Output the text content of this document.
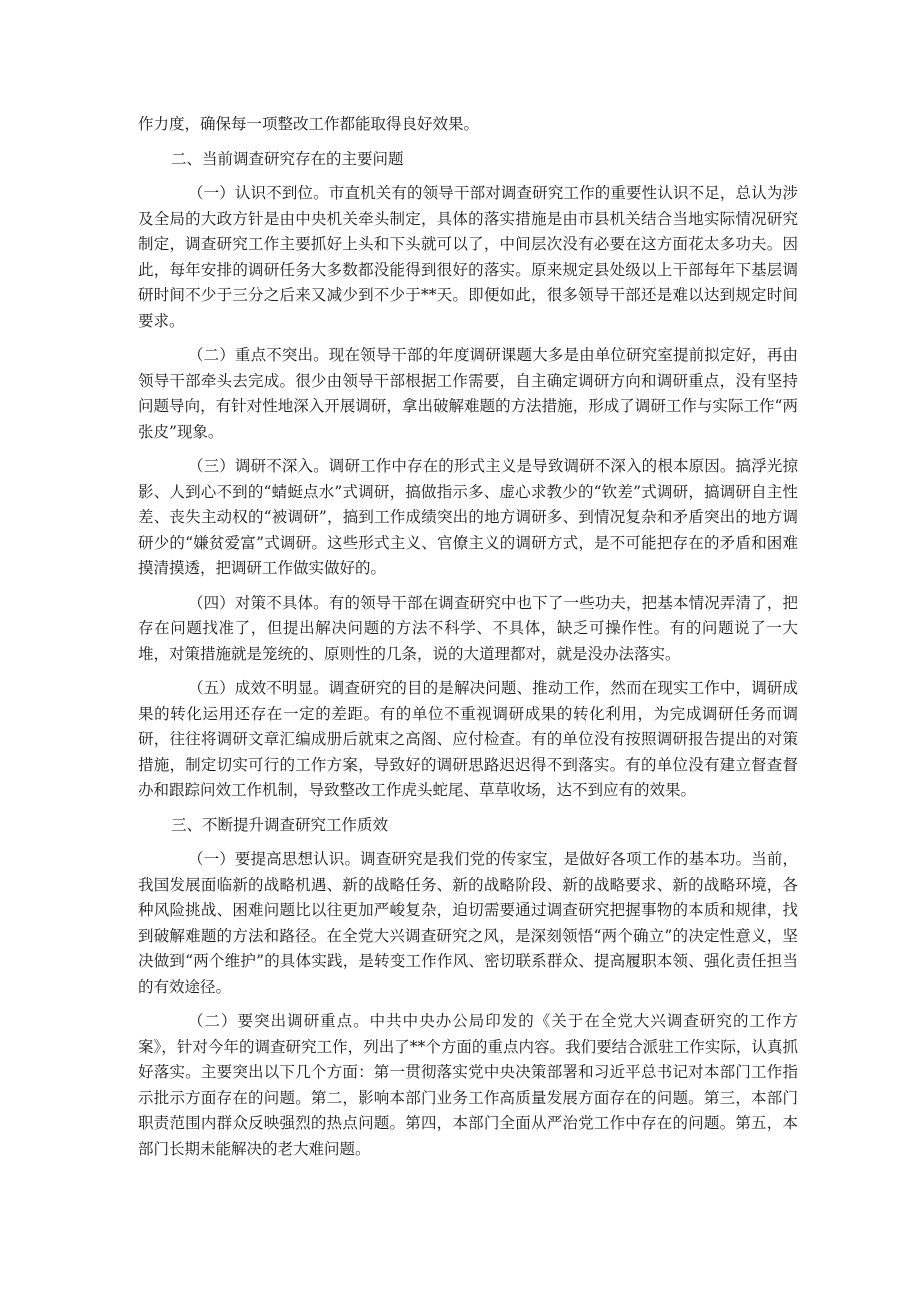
作力度，确保每一项整改工作都能取得良好效果。

二、当前调查研究存在的主要问题

（一）认识不到位。市直机关有的领导干部对调查研究工作的重要性认识不足，总认为涉及全局的大政方针是由中央机关牵头制定，具体的落实措施是由市县机关结合当地实际情况研究制定，调查研究工作主要抓好上头和下头就可以了，中间层次没有必要在这方面花太多功夫。因此，每年安排的调研任务大多数都没能得到很好的落实。原来规定县处级以上干部每年下基层调研时间不少于三分之后来又减少到不少于**天。即便如此，很多领导干部还是难以达到规定时间要求。

（二）重点不突出。现在领导干部的年度调研课题大多是由单位研究室提前拟定好，再由领导干部牵头去完成。很少由领导干部根据工作需要，自主确定调研方向和调研重点，没有坚持问题导向，有针对性地深入开展调研，拿出破解难题的方法措施，形成了调研工作与实际工作“两张皮”现象。

（三）调研不深入。调研工作中存在的形式主义是导致调研不深入的根本原因。搞浮光掠影、人到心不到的“蜻蜓点水”式调研，搞做指示多、虚心求教少的“钦差”式调研，搞调研自主性差、丧失主动权的“被调研”，搞到工作成绩突出的地方调研多、到情况复杂和矛盾突出的地方调研少的“嫌贫爱富”式调研。这些形式主义、官僚主义的调研方式，是不可能把存在的矛盾和困难摸清摸透，把调研工作做实做好的。

（四）对策不具体。有的领导干部在调查研究中也下了一些功夫，把基本情况弄清了，把存在问题找准了，但提出解决问题的方法不科学、不具体，缺乏可操作性。有的问题说了一大堆，对策措施就是笼统的、原则性的几条，说的大道理都对，就是没办法落实。

（五）成效不明显。调查研究的目的是解决问题、推动工作，然而在现实工作中，调研成果的转化运用还存在一定的差距。有的单位不重视调研成果的转化利用，为完成调研任务而调研，往往将调研文章汇编成册后就束之高阁、应付检查。有的单位没有按照调研报告提出的对策措施，制定切实可行的工作方案，导致好的调研思路迟迟得不到落实。有的单位没有建立督查督办和跟踪问效工作机制，导致整改工作虎头蛇尾、草草收场，达不到应有的效果。

三、不断提升调查研究工作质效

（一）要提高思想认识。调查研究是我们党的传家宝，是做好各项工作的基本功。当前，我国发展面临新的战略机遇、新的战略任务、新的战略阶段、新的战略要求、新的战略环境，各种风险挑战、困难问题比以往更加严峻复杂，迫切需要通过调查研究把握事物的本质和规律，找到破解难题的方法和路径。在全党大兴调查研究之风，是深刻领悟“两个确立”的决定性意义，坚决做到“两个维护”的具体实践，是转变工作作风、密切联系群众、提高履职本领、强化责任担当的有效途径。

（二）要突出调研重点。中共中央办公局印发的《关于在全党大兴调查研究的工作方案》，针对今年的调查研究工作，列出了**个方面的重点内容。我们要结合派驻工作实际，认真抓好落实。主要突出以下几个方面：第一贯彻落实党中央决策部署和习近平总书记对本部门工作指示批示方面存在的问题。第二，影响本部门业务工作高质量发展方面存在的问题。第三，本部门职责范围内群众反映强烈的热点问题。第四，本部门全面从严治党工作中存在的问题。第五，本部门长期未能解决的老大难问题。
